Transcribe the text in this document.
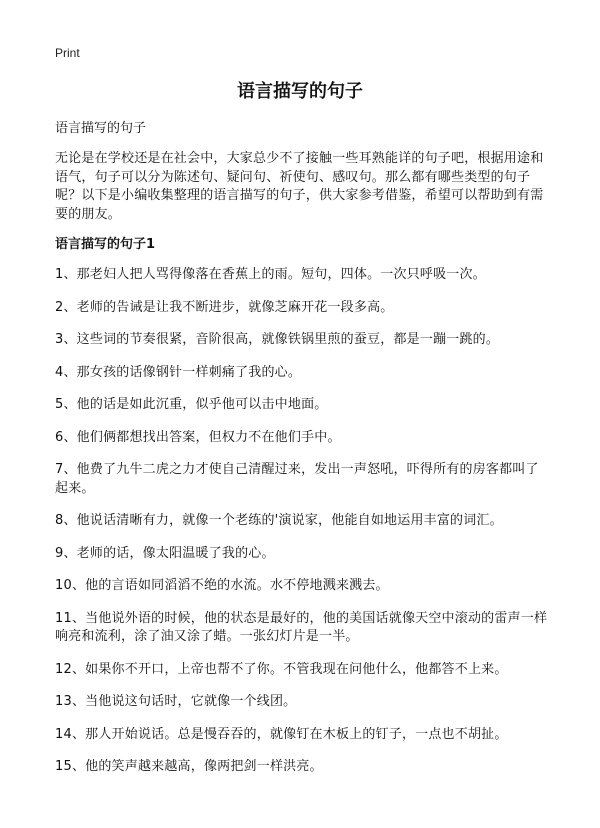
Print
语言描写的句子

语言描写的句子

无论是在学校还是在社会中，大家总少不了接触一些耳熟能详的句子吧，根据用途和语气，句子可以分为陈述句、疑问句、祈使句、感叹句。那么都有哪些类型的句子呢？以下是小编收集整理的语言描写的句子，供大家参考借鉴，希望可以帮助到有需要的朋友。

语言描写的句子1
1、那老妇人把人骂得像落在香蕉上的雨。短句，四体。一次只呼吸一次。
2、老师的告诫是让我不断进步，就像芝麻开花一段多高。
3、这些词的节奏很紧，音阶很高，就像铁锅里煎的蚕豆，都是一蹦一跳的。
4、那女孩的话像钢针一样刺痛了我的心。
5、他的话是如此沉重，似乎他可以击中地面。
6、他们俩都想找出答案，但权力不在他们手中。
7、他费了九牛二虎之力才使自己清醒过来，发出一声怒吼，吓得所有的房客都叫了起来。
8、他说话清晰有力，就像一个老练的'演说家，他能自如地运用丰富的词汇。
9、老师的话，像太阳温暖了我的心。
10、他的言语如同滔滔不绝的水流。水不停地溅来溅去。
11、当他说外语的时候，他的状态是最好的，他的美国话就像天空中滚动的雷声一样响亮和流利，涂了油又涂了蜡。一张幻灯片是一半。
12、如果你不开口，上帝也帮不了你。不管我现在问他什么，他都答不上来。
13、当他说这句话时，它就像一个线团。
14、那人开始说话。总是慢吞吞的，就像钉在木板上的钉子，一点也不胡扯。
15、他的笑声越来越高，像两把剑一样洪亮。
